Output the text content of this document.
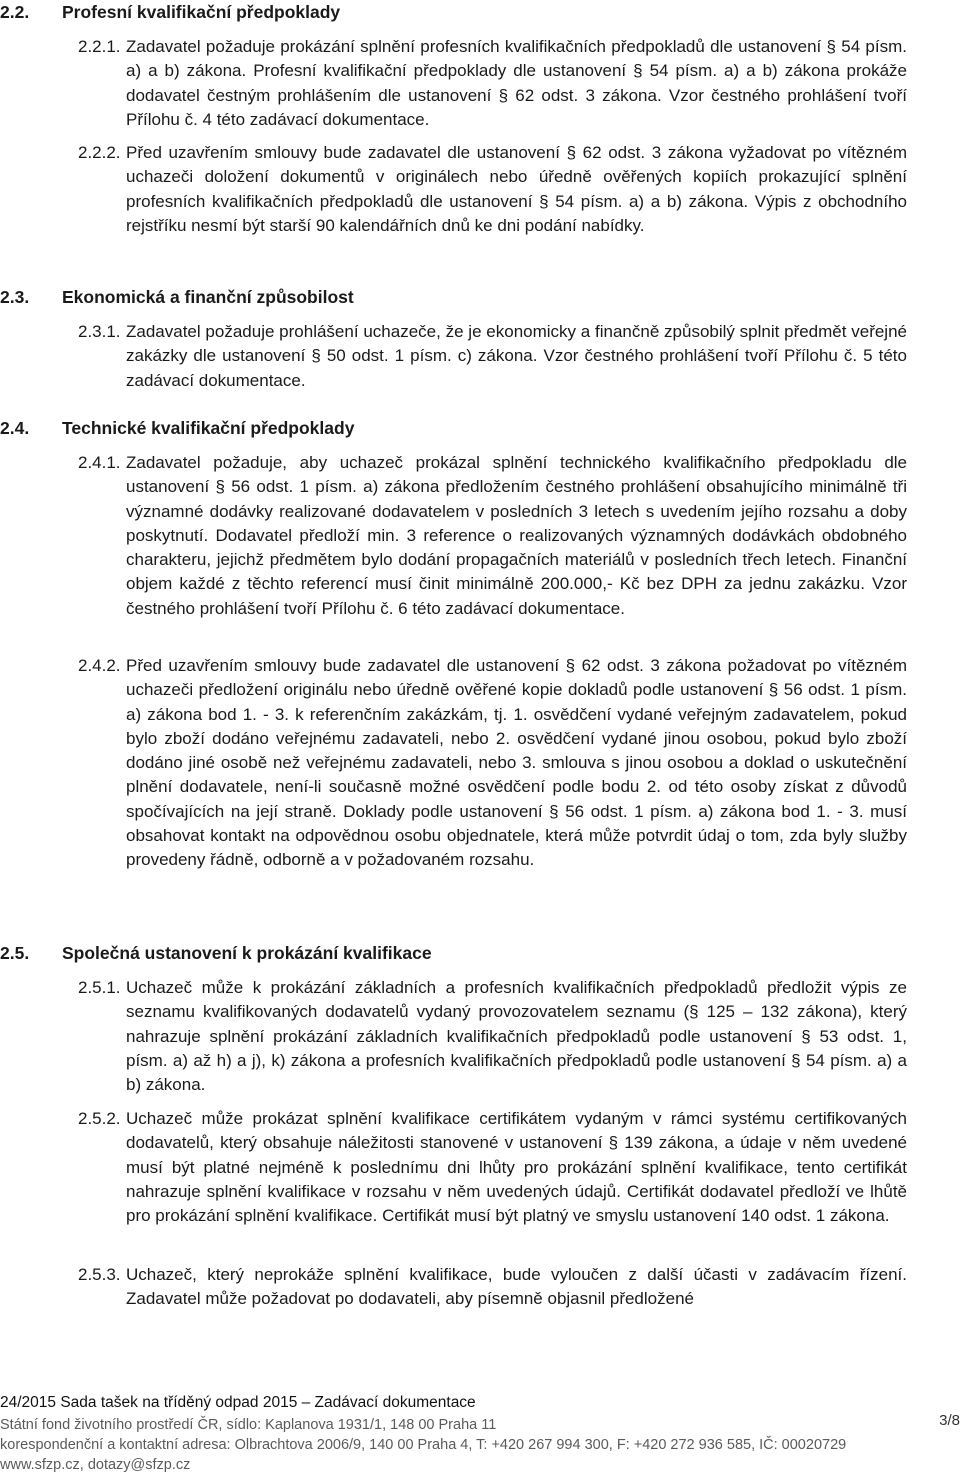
2.2. Profesní kvalifikační předpoklady
2.2.1. Zadavatel požaduje prokázání splnění profesních kvalifikačních předpokladů dle ustanovení § 54 písm. a) a b) zákona. Profesní kvalifikační předpoklady dle ustanovení § 54 písm. a) a b) zákona prokáže dodavatel čestným prohlášením dle ustanovení § 62 odst. 3 zákona. Vzor čestného prohlášení tvoří Přílohu č. 4 této zadávací dokumentace.
2.2.2. Před uzavřením smlouvy bude zadavatel dle ustanovení § 62 odst. 3 zákona vyžadovat po vítězném uchazeči doložení dokumentů v originálech nebo úředně ověřených kopiích prokazující splnění profesních kvalifikačních předpokladů dle ustanovení § 54 písm. a) a b) zákona. Výpis z obchodního rejstříku nesmí být starší 90 kalendářních dnů ke dni podání nabídky.
2.3. Ekonomická a finanční způsobilost
2.3.1. Zadavatel požaduje prohlášení uchazeče, že je ekonomicky a finančně způsobilý splnit předmět veřejné zakázky dle ustanovení § 50 odst. 1 písm. c) zákona. Vzor čestného prohlášení tvoří Přílohu č. 5 této zadávací dokumentace.
2.4. Technické kvalifikační předpoklady
2.4.1. Zadavatel požaduje, aby uchazeč prokázal splnění technického kvalifikačního předpokladu dle ustanovení § 56 odst. 1 písm. a) zákona předložením čestného prohlášení obsahujícího minimálně tři významné dodávky realizované dodavatelem v posledních 3 letech s uvedením jejího rozsahu a doby poskytnutí. Dodavatel předloží min. 3 reference o realizovaných významných dodávkách obdobného charakteru, jejichž předmětem bylo dodání propagačních materiálů v posledních třech letech. Finanční objem každé z těchto referencí musí činit minimálně 200.000,- Kč bez DPH za jednu zakázku. Vzor čestného prohlášení tvoří Přílohu č. 6 této zadávací dokumentace.
2.4.2. Před uzavřením smlouvy bude zadavatel dle ustanovení § 62 odst. 3 zákona požadovat po vítězném uchazeči předložení originálu nebo úředně ověřené kopie dokladů podle ustanovení § 56 odst. 1 písm. a) zákona bod 1. - 3. k referenčním zakázkám, tj. 1. osvědčení vydané veřejným zadavatelem, pokud bylo zboží dodáno veřejnému zadavateli, nebo 2. osvědčení vydané jinou osobou, pokud bylo zboží dodáno jiné osobě než veřejnému zadavateli, nebo 3. smlouva s jinou osobou a doklad o uskutečnění plnění dodavatele, není-li současně možné osvědčení podle bodu 2. od této osoby získat z důvodů spočívajících na její straně. Doklady podle ustanovení § 56 odst. 1 písm. a) zákona bod 1. - 3. musí obsahovat kontakt na odpovědnou osobu objednatele, která může potvrdit údaj o tom, zda byly služby provedeny řádně, odborně a v požadovaném rozsahu.
2.5. Společná ustanovení k prokázání kvalifikace
2.5.1. Uchazeč může k prokázání základních a profesních kvalifikačních předpokladů předložit výpis ze seznamu kvalifikovaných dodavatelů vydaný provozovatelem seznamu (§ 125 – 132 zákona), který nahrazuje splnění prokázání základních kvalifikačních předpokladů podle ustanovení § 53 odst. 1, písm. a) až h) a j), k) zákona a profesních kvalifikačních předpokladů podle ustanovení § 54 písm. a) a b) zákona.
2.5.2. Uchazeč může prokázat splnění kvalifikace certifikátem vydaným v rámci systému certifikovaných dodavatelů, který obsahuje náležitosti stanovené v ustanovení § 139 zákona, a údaje v něm uvedené musí být platné nejméně k poslednímu dni lhůty pro prokázání splnění kvalifikace, tento certifikát nahrazuje splnění kvalifikace v rozsahu v něm uvedených údajů. Certifikát dodavatel předloží ve lhůtě pro prokázání splnění kvalifikace. Certifikát musí být platný ve smyslu ustanovení 140 odst. 1 zákona.
2.5.3. Uchazeč, který neprokáže splnění kvalifikace, bude vyloučen z další účasti v zadávacím řízení. Zadavatel může požadovat po dodavateli, aby písemně objasnil předložené
24/2015 Sada tašek na tříděný odpad 2015 – Zadávací dokumentace
Státní fond životního prostředí ČR, sídlo: Kaplanova 1931/1, 148 00 Praha 11
korespondenční a kontaktní adresa: Olbrachtova 2006/9, 140 00 Praha 4, T: +420 267 994 300, F: +420 272 936 585, IČ: 00020729
www.sfzp.cz, dotazy@sfzp.cz
3/8
